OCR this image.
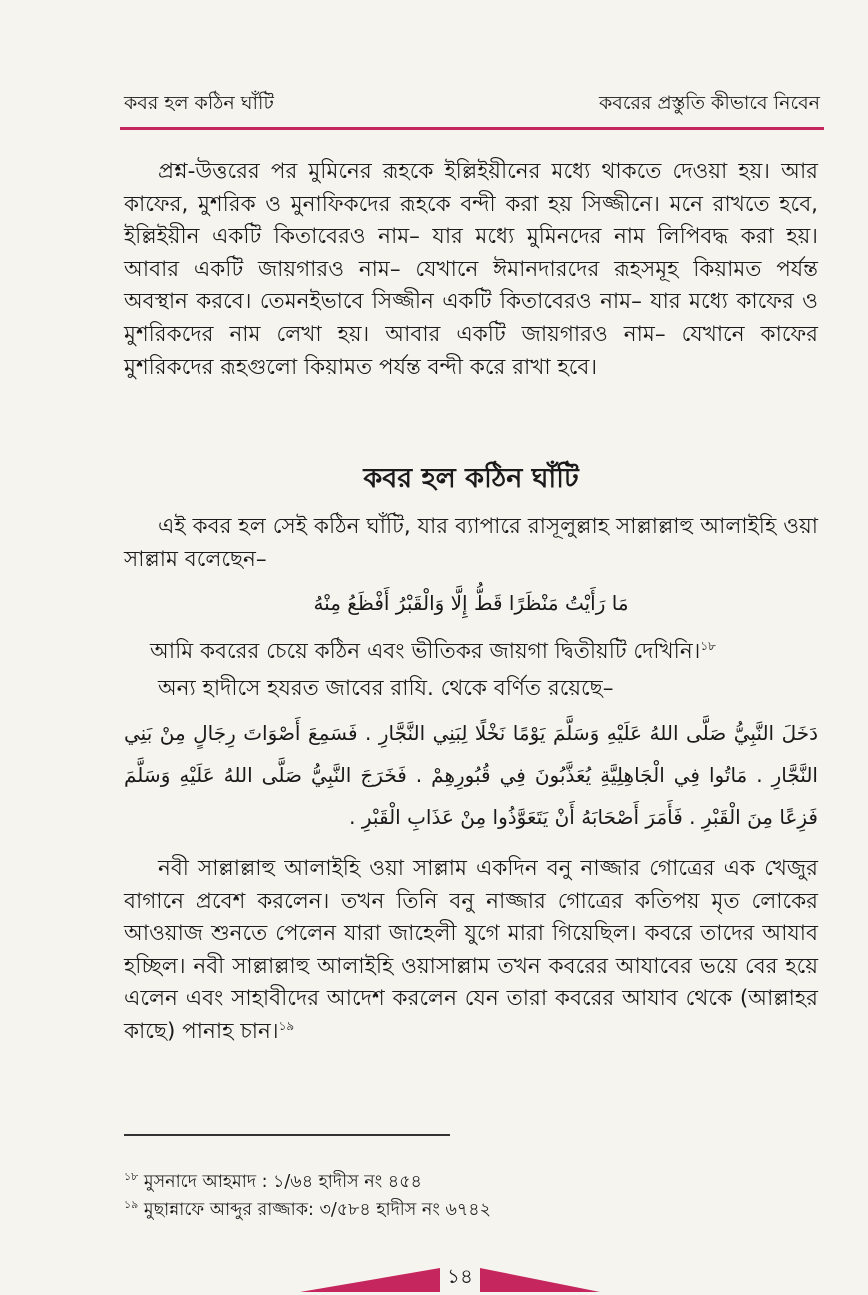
কবর হল কঠিন ঘাঁটি	কবরের প্রস্তুতি কীভাবে নিবেন

প্রশ্ন-উত্তরের পর মুমিনের রূহকে ইল্লিইয়ীনের মধ্যে থাকতে দেওয়া হয়। আর কাফের, মুশরিক ও মুনাফিকদের রূহকে বন্দী করা হয় সিজ্জীনে। মনে রাখতে হবে, ইল্লিইয়ীন একটি কিতাবেরও নাম– যার মধ্যে মুমিনদের নাম লিপিবদ্ধ করা হয়। আবার একটি জায়গারও নাম– যেখানে ঈমানদারদের রূহসমূহ কিয়ামত পর্যন্ত অবস্থান করবে। তেমনইভাবে সিজ্জীন একটি কিতাবেরও নাম– যার মধ্যে কাফের ও মুশরিকদের নাম লেখা হয়। আবার একটি জায়গারও নাম– যেখানে কাফের মুশরিকদের রূহগুলো কিয়ামত পর্যন্ত বন্দী করে রাখা হবে।

কবর হল কঠিন ঘাঁটি

এই কবর হল সেই কঠিন ঘাঁটি, যার ব্যাপারে রাসূলুল্লাহ সাল্লাল্লাহু আলাইহি ওয়া সাল্লাম বলেছেন–

مَا رَأَيْتُ مَنْظَرًا قَطُّ إِلَّا وَالْقَبْرُ أَفْظَعُ مِنْهُ
আমি কবরের চেয়ে কঠিন এবং ভীতিকর জায়গা দ্বিতীয়টি দেখিনি।$^{১৮}$
অন্য হাদীসে হযরত জাবের রাযি. থেকে বর্ণিত রয়েছে–
دَخَلَ النَّبِيُّ صَلَّى اللهُ عَلَيْهِ وَسَلَّمَ يَوْمًا نَخْلًا لِبَنِي النَّجَّارِ . فَسَمِعَ أَصْوَاتَ رِجَالٍ مِنْ بَنِي النَّجَّارِ . مَاتُوا فِي الْجَاهِلِيَّةِ يُعَذَّبُونَ فِي قُبُورِهِمْ . فَخَرَجَ النَّبِيُّ صَلَّى اللهُ عَلَيْهِ وَسَلَّمَ فَزِعًا مِنَ الْقَبْرِ . فَأَمَرَ أَصْحَابَهُ أَنْ يَتَعَوَّذُوا مِنْ عَذَابِ الْقَبْرِ .

নবী সাল্লাল্লাহু আলাইহি ওয়া সাল্লাম একদিন বনু নাজ্জার গোত্রের এক খেজুর বাগানে প্রবেশ করলেন। তখন তিনি বনু নাজ্জার গোত্রের কতিপয় মৃত লোকের আওয়াজ শুনতে পেলেন যারা জাহেলী যুগে মারা গিয়েছিল। কবরে তাদের আযাব হচ্ছিল। নবী সাল্লাল্লাহু আলাইহি ওয়াসাল্লাম তখন কবরের আযাবের ভয়ে বের হয়ে এলেন এবং সাহাবীদের আদেশ করলেন যেন তারা কবরের আযাব থেকে (আল্লাহর কাছে) পানাহ চান।$^{১৯}$

$^{১৮}$ মুসনাদে আহমাদ : ১/৬৪ হাদীস নং ৪৫৪
$^{১৯}$ মুছান্নাফে আব্দুর রাজ্জাক: ৩/৫৮৪ হাদীস নং ৬৭৪২
১৪
